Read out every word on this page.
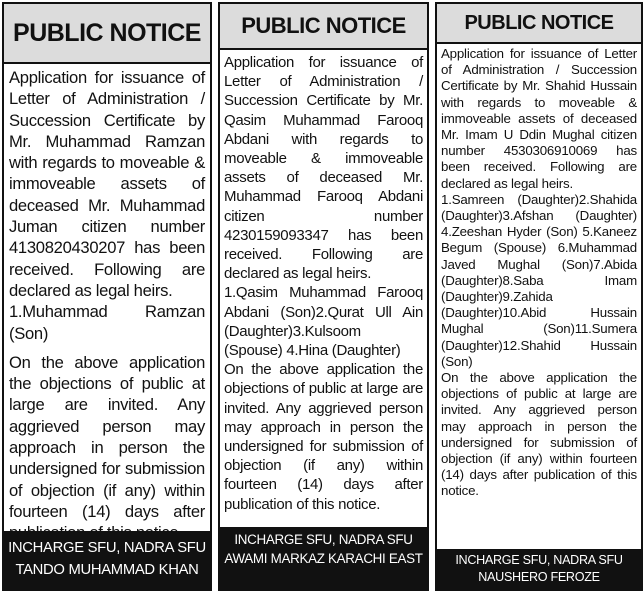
PUBLIC NOTICE

Application for issuance of Letter of Administration / Succession Certificate by Mr. Muhammad Ramzan with regards to moveable & immoveable assets of deceased Mr. Muhammad Juman citizen number 4130820430207 has been received. Following are declared as legal heirs.

1.Muhammad Ramzan (Son)

On the above application the objections of public at large are invited. Any aggrieved person may approach in person the undersigned for submission of objection (if any) within fourteen (14) days after

INCHARGE SFU, NADRA SFU
TANDO MUHAMMAD KHAN
PUBLIC NOTICE

Application for issuance of Letter of Administration / Succession Certificate by Mr. Qasim Muhammad Farooq Abdani with regards to moveable & immoveable assets of deceased Mr. Muhammad Farooq Abdani citizen number 4230159093347 has been received. Following are declared as legal heirs.

1.Qasim Muhammad Farooq Abdani (Son)2.Qurat Ull Ain (Daughter)3.Kulsoom (Spouse) 4.Hina (Daughter)

On the above application the objections of public at large are invited. Any aggrieved person may approach in person the undersigned for submission of objection (if any) within fourteen (14) days after publication of this notice.

INCHARGE SFU, NADRA SFU
AWAMI MARKAZ KARACHI EAST
PUBLIC NOTICE

Application for issuance of Letter of Administration / Succession Certificate by Mr. Shahid Hussain with regards to moveable & immoveable assets of deceased Mr. Imam U Ddin Mughal citizen number 4530306910069 has been received. Following are declared as legal heirs.

1.Samreen (Daughter)2.Shahida (Daughter)3.Afshan (Daughter) 4.Zeeshan Hyder (Son) 5.Kaneez Begum (Spouse) 6.Muhammad Javed Mughal (Son)7.Abida (Daughter)8.Saba Imam (Daughter)9.Zahida (Daughter)10.Abid Hussain Mughal (Son)11.Sumera (Daughter)12.Shahid Hussain (Son)

On the above application the objections of public at large are invited. Any aggrieved person may approach in person the undersigned for submission of objection (if any) within fourteen (14) days after publication of this notice.

INCHARGE SFU, NADRA SFU
NAUSHERO FEROZE
